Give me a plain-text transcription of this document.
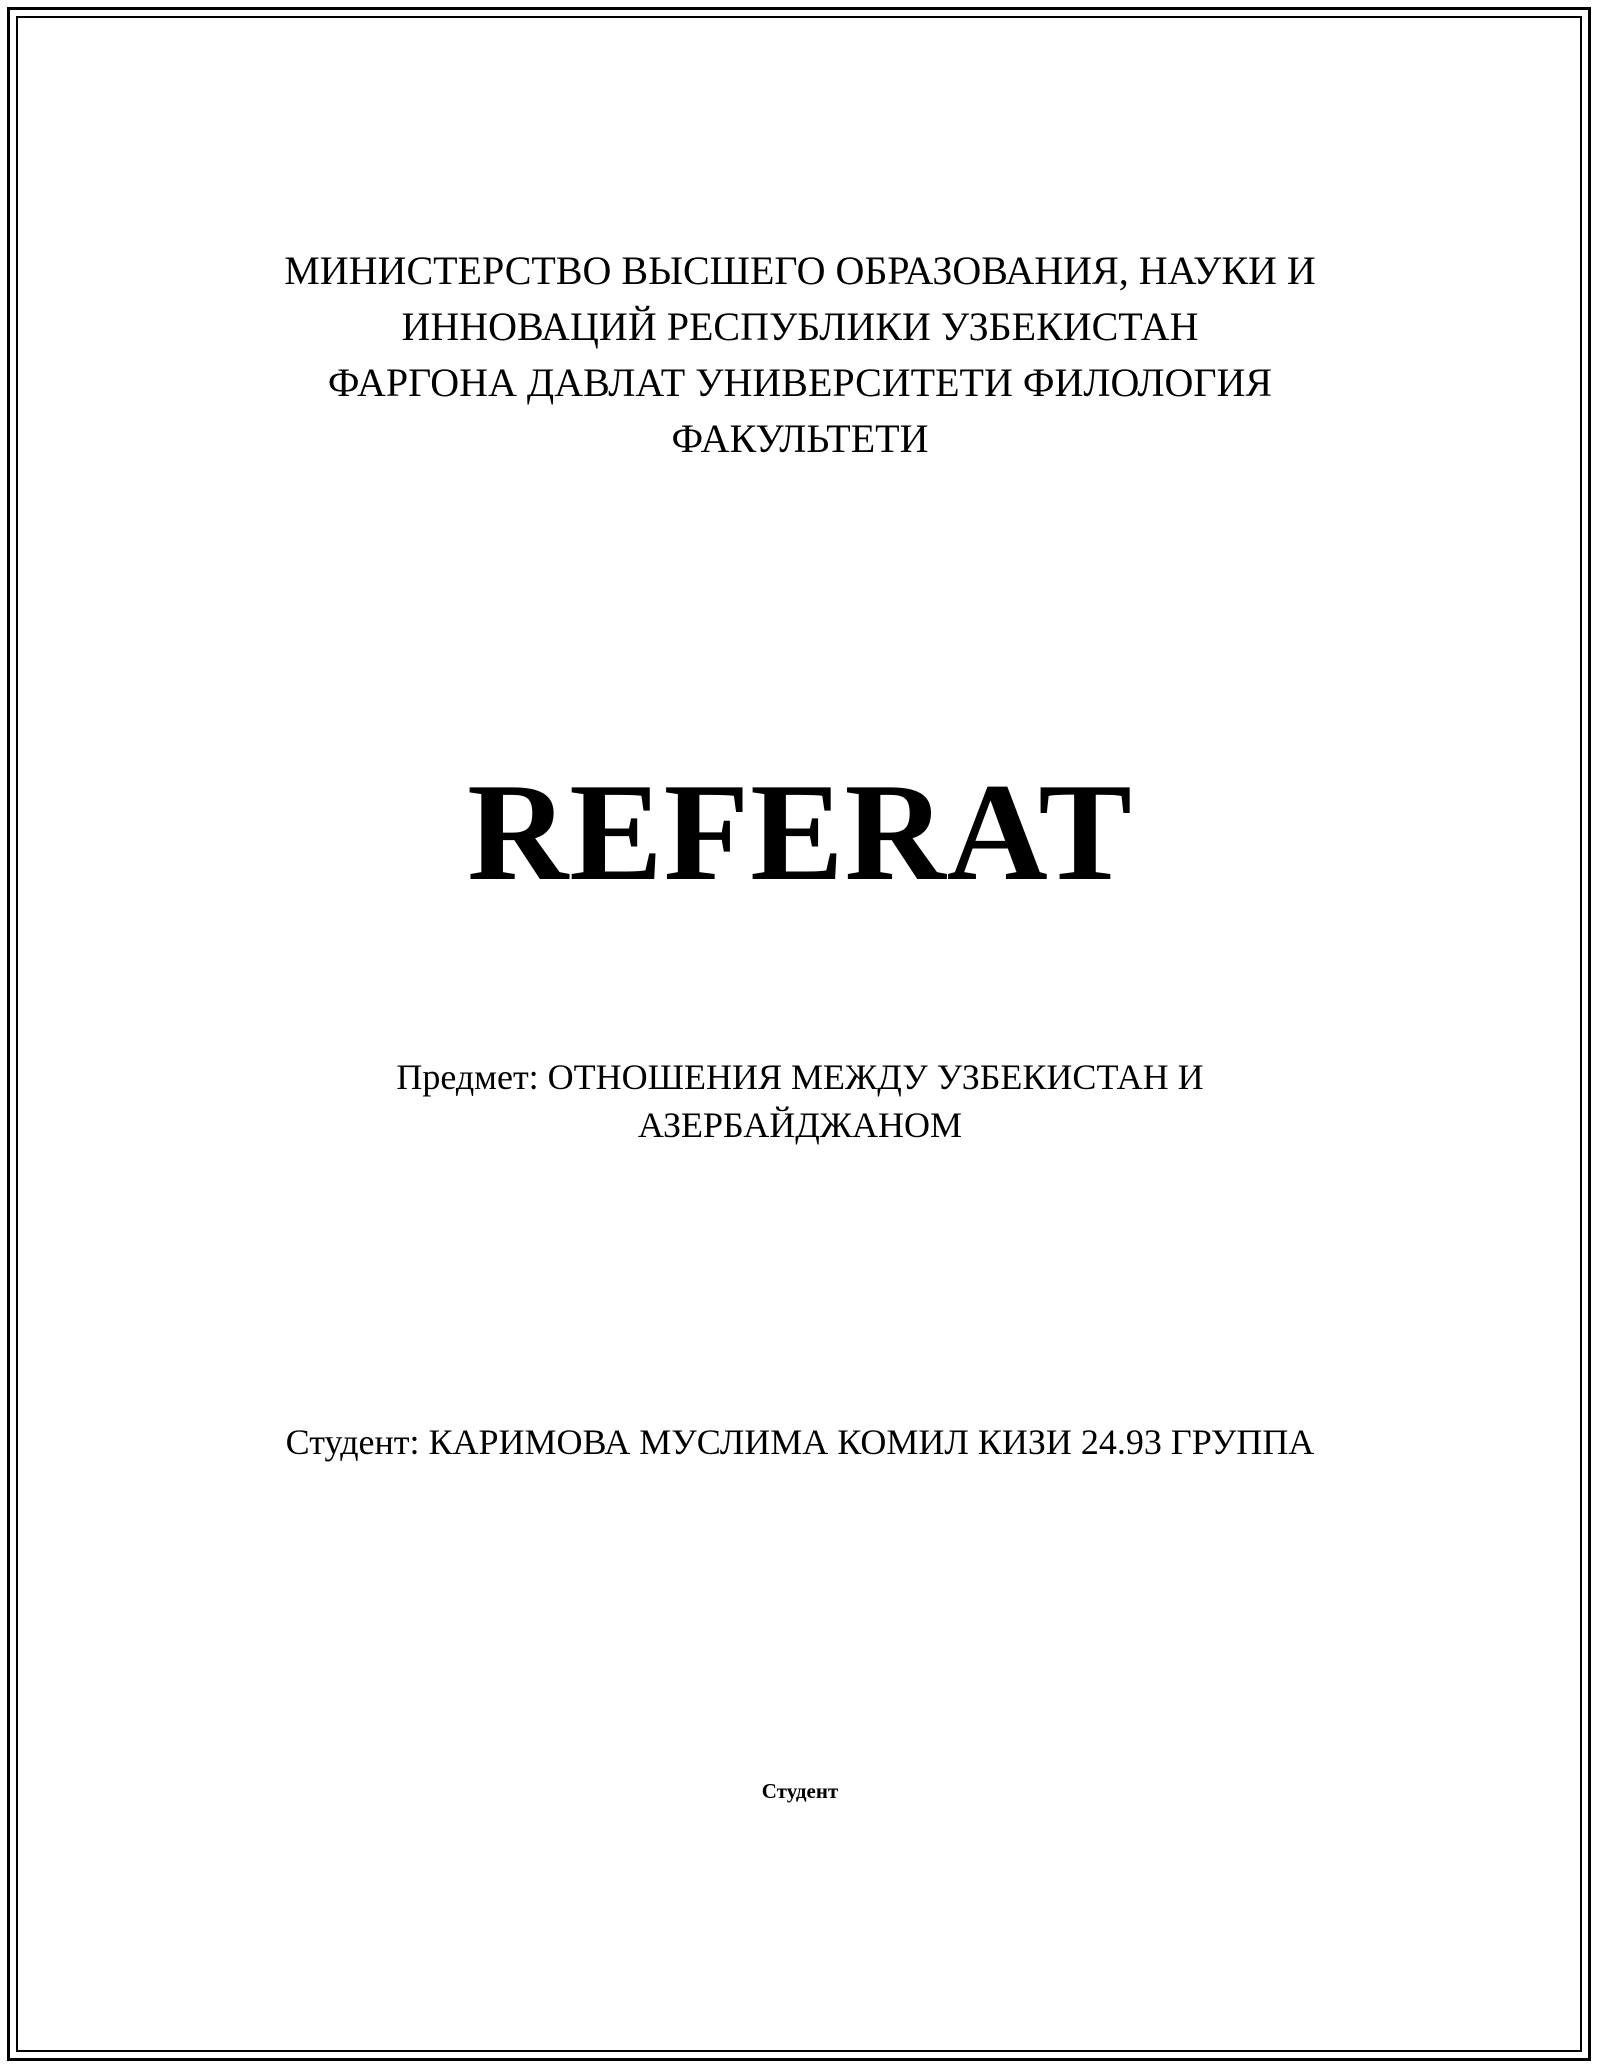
МИНИСТЕРСТВО ВЫСШЕГО ОБРАЗОВАНИЯ, НАУКИ И
ИННОВАЦИЙ РЕСПУБЛИКИ УЗБЕКИСТАН
ФАРГОНА ДАВЛАТ УНИВЕРСИТЕТИ ФИЛОЛОГИЯ
ФАКУЛЬТЕТИ
REFERAT
Предмет: ОТНОШЕНИЯ МЕЖДУ УЗБЕКИСТАН И
АЗЕРБАЙДЖАНОМ
Студент: КАРИМОВА МУСЛИМА КОМИЛ КИЗИ 24.93 ГРУППА
Студент
